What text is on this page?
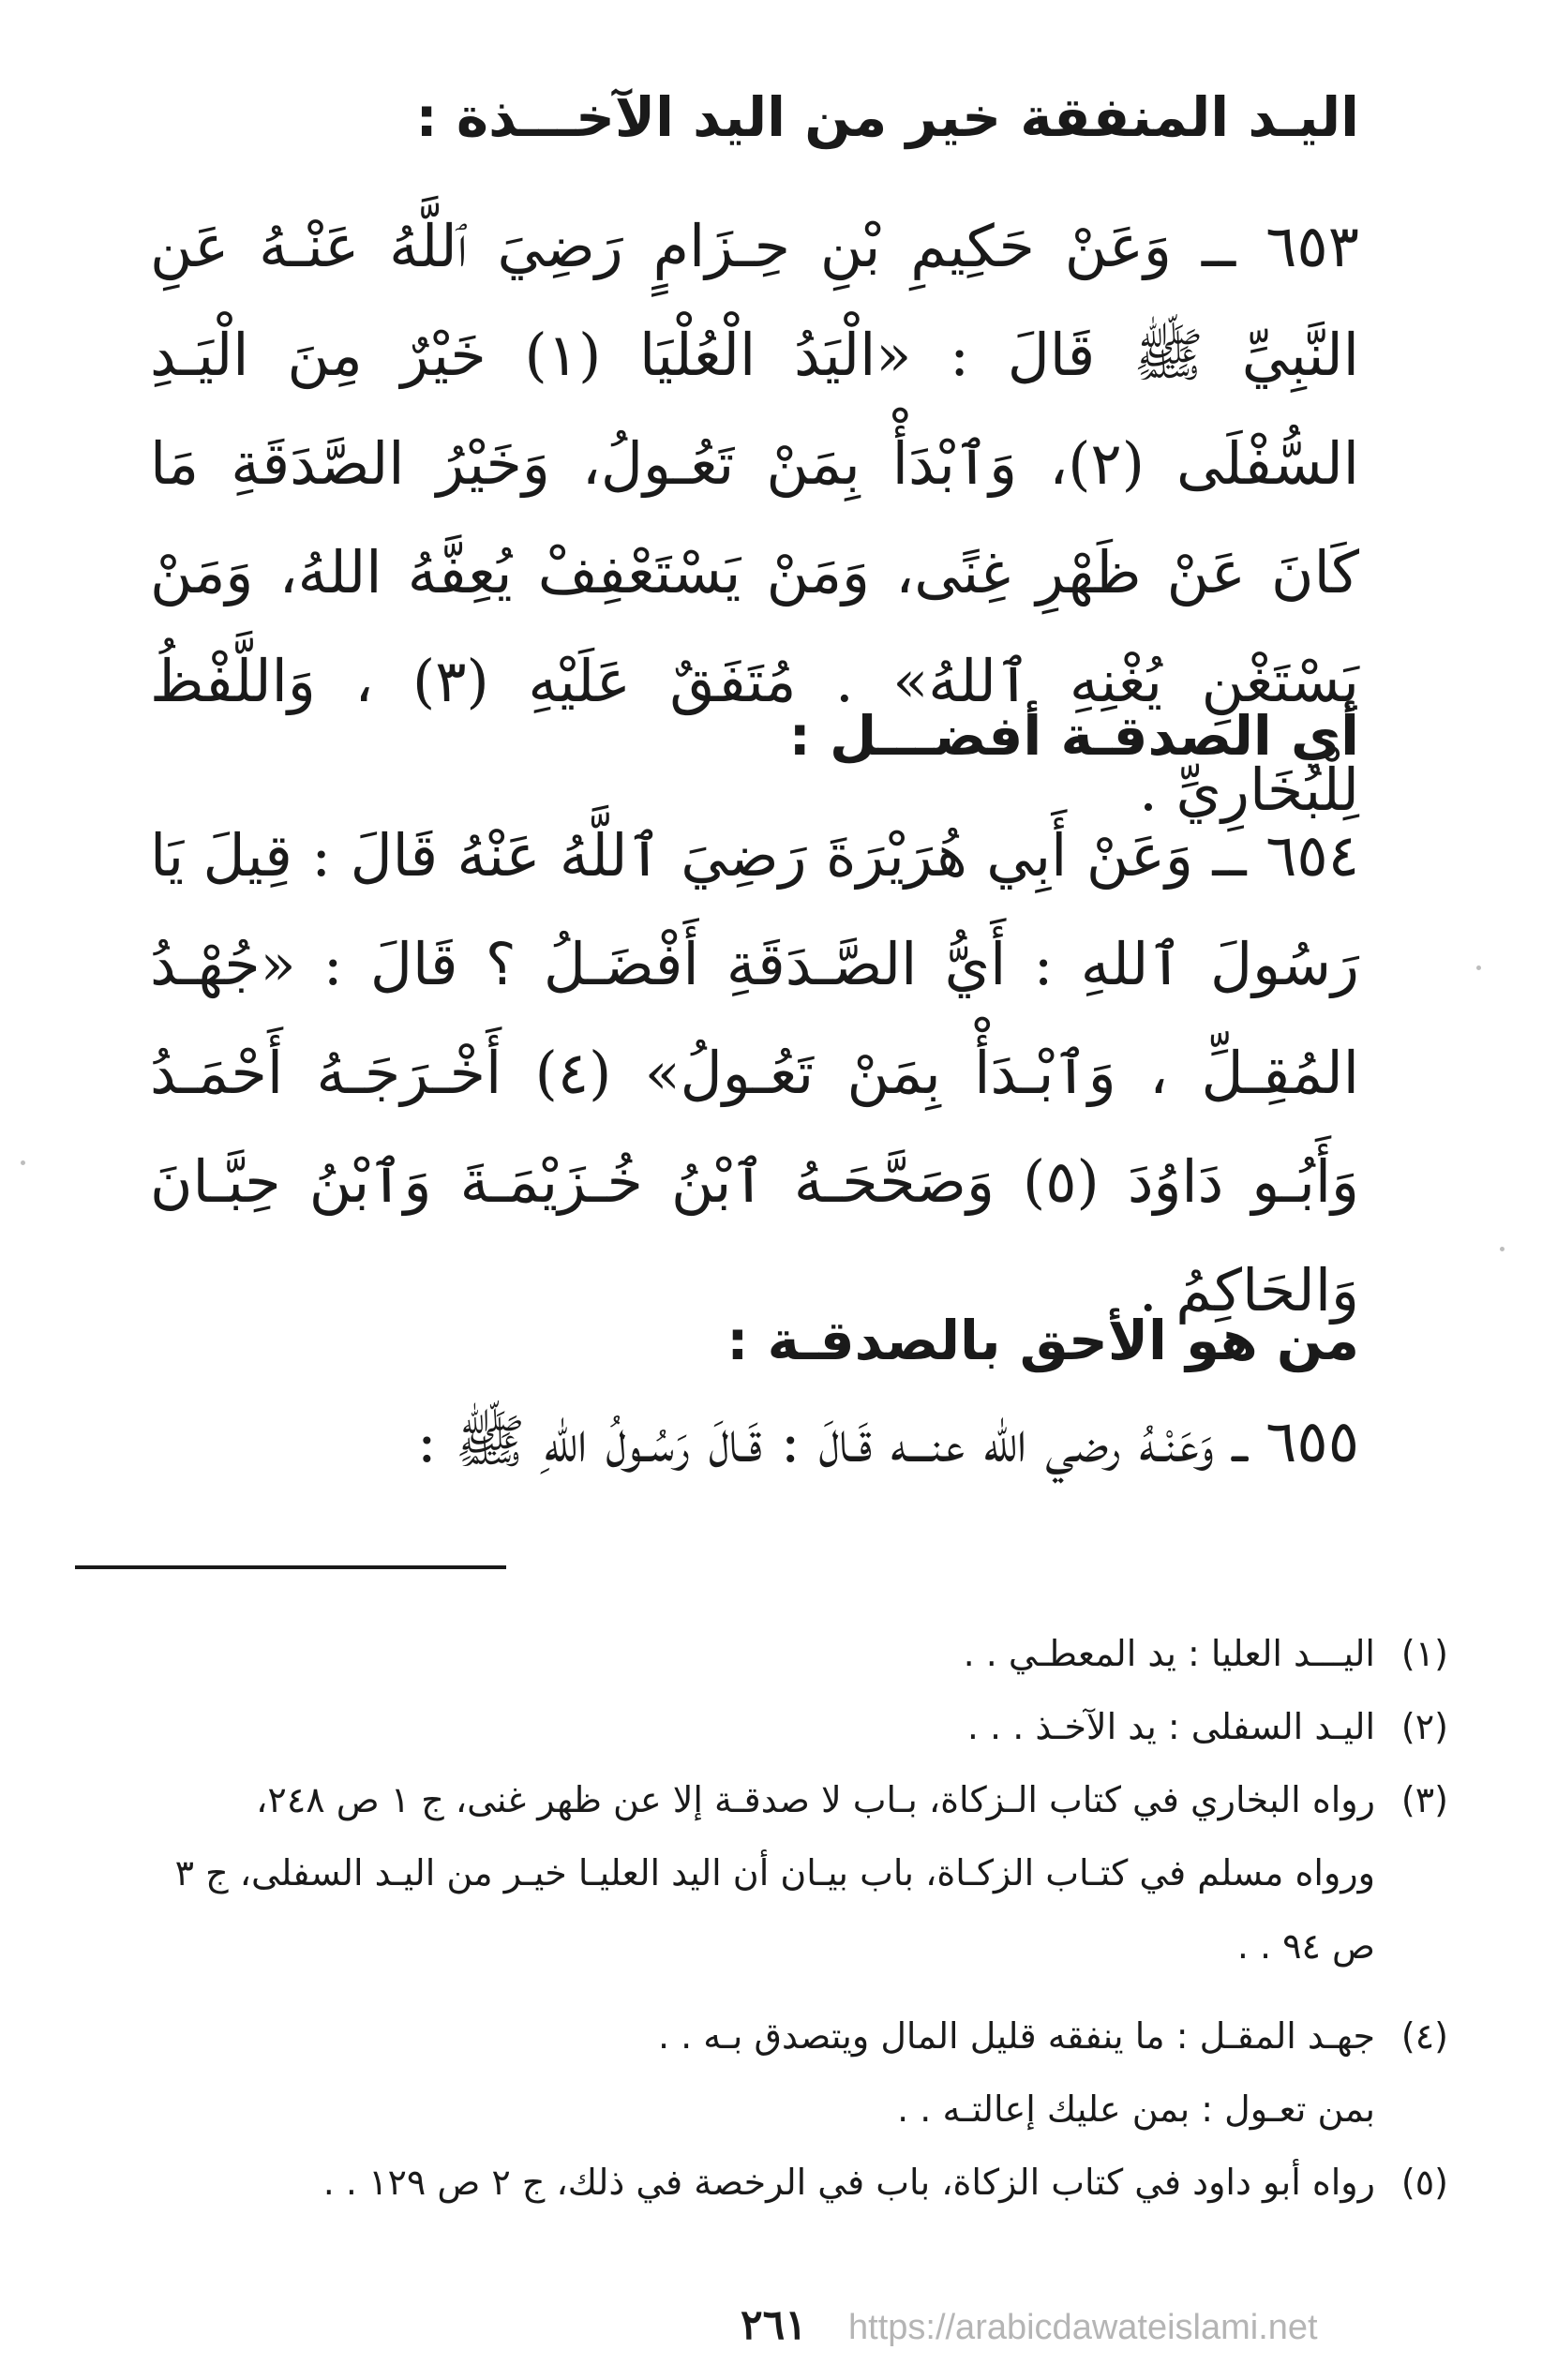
اليـد المنفقة خير من اليد الآخـــذة :

٦٥٣ ــ وَعَنْ حَكِيمِ بْنِ حِـزَامٍ رَضِيَ ٱللَّهُ عَنْـهُ عَنِ النَّبِيِّ ﷺ قَالَ : «الْيَدُ الْعُلْيَا (١) خَيْرٌ مِنَ الْيَـدِ السُّفْلَى (٢)، وَٱبْدَأْ بِمَنْ تَعُـولُ، وَخَيْرُ الصَّدَقَةِ مَا كَانَ عَنْ ظَهْرِ غِنًى، وَمَنْ يَسْتَعْفِفْ يُعِفَّهُ اللهُ، وَمَنْ يَسْتَغْنِ يُغْنِهِ ٱللهُ» . مُتَفَقٌ عَلَيْهِ (٣) ، وَاللَّفْظُ لِلْبُخَارِيِّ .

أي الصدقـة أفضـــل :

٦٥٤ ــ وَعَنْ أَبِي هُرَيْرَةَ رَضِيَ ٱللَّهُ عَنْهُ قَالَ : قِيلَ يَا رَسُولَ ٱللهِ : أَيُّ الصَّـدَقَةِ أَفْضَـلُ ؟ قَالَ : «جُهْـدُ المُقِـلِّ ، وَٱبْـدَأْ بِمَنْ تَعُـولُ» (٤) أَخْـرَجَـهُ أَحْمَـدُ وَأَبُـو دَاوُدَ (٥) وَصَحَّحَـهُ ٱبْنُ خُـزَيْمَـةَ وَٱبْنُ حِبَّـانَ وَالحَاكِمُ .

من هو الأحق بالصدقـة :

٦٥٥ ــ وَعَنْـهُ رضي الله عنـــه قَـالَ : قَـالَ رَسُـولُ اللهِ ﷺ :

(١)
اليـــد العليا : يد المعطـي . .
(٢)
اليـد السفلى : يد الآخـذ . . .
(٣)
رواه البخاري في كتاب الـزكاة، بـاب لا صدقـة إلا عن ظهر غنى، ج ١ ص ٢٤٨،
ورواه مسلم في كتـاب الزكـاة، باب بيـان أن اليد العليـا خيـر من اليـد السفلى، ج ٣
ص ٩٤ . .
(٤)
جهـد المقـل : ما ينفقه قليل المال ويتصدق بـه . .
بمن تعـول : بمن عليك إعالتـه . .
(٥)
رواه أبو داود في كتاب الزكاة، باب في الرخصة في ذلك، ج ٢ ص ١٢٩ . .
٢٦١ https://arabicdawateislami.net
